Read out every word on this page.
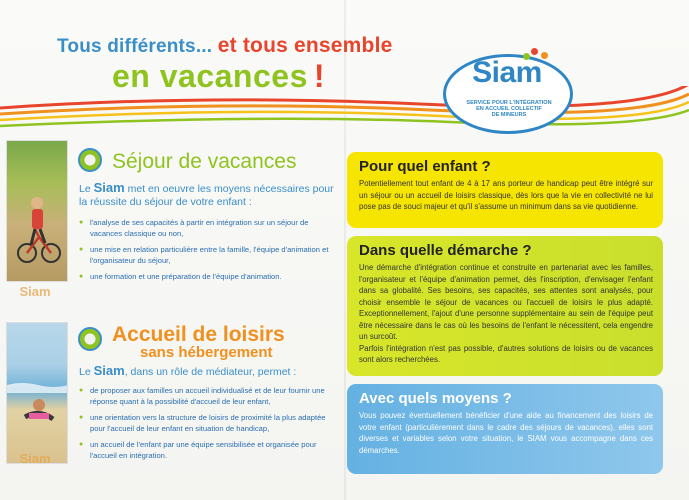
Tous différents... et tous ensemble
en vacances !	Siam
SERVICE POUR L'INTÉGRATION
EN ACCUEIL COLLECTIF
DE MINEURS
Siam
Séjour de vacances
Le Siam met en oeuvre les moyens nécessaires pour la réussite du séjour de votre enfant :
● l'analyse de ses capacités à partir en intégration sur un séjour de vacances classique ou non,
● une mise en relation particulière entre la famille, l'équipe d'animation et l'organisateur du séjour,
● une formation et une préparation de l'équipe d'animation.
Siam
Accueil de loisirs
sans hébergement
Le Siam, dans un rôle de médiateur, permet :
● de proposer aux familles un accueil individualisé et de leur fournir une réponse quant à la possibilité d'accueil de leur enfant,
● une orientation vers la structure de loisirs de proximité la plus adaptée pour l'accueil de leur enfant en situation de handicap,
● un accueil de l'enfant par une équipe sensibilisée et organisée pour l'accueil en intégration.
Pour quel enfant ?

Potentiellement tout enfant de 4 à 17 ans porteur de handicap peut être intégré sur un séjour ou un accueil de loisirs classique, dès lors que la vie en collectivité ne lui pose pas de souci majeur et qu'il s'assume un minimum dans sa vie quotidienne.

Dans quelle démarche ?

Une démarche d'intégration continue et construite en partenariat avec les familles, l'organisateur et l'équipe d'animation permet, dès l'inscription, d'envisager l'enfant dans sa globalité. Ses besoins, ses capacités, ses attentes sont analysés, pour choisir ensemble le séjour de vacances ou l'accueil de loisirs le plus adapté. Exceptionnellement, l'ajout d'une personne supplémentaire au sein de l'équipe peut être nécessaire dans le cas où les besoins de l'enfant le nécessitent, cela engendre un surcoût.

Parfois l'intégration n'est pas possible, d'autres solutions de loisirs ou de vacances sont alors recherchées.

Avec quels moyens ?

Vous pouvez éventuellement bénéficier d'une aide au financement des loisirs de votre enfant (particulièrement dans le cadre des séjours de vacances), elles sont diverses et variables selon votre situation, le SIAM vous accompagne dans ces démarches.
